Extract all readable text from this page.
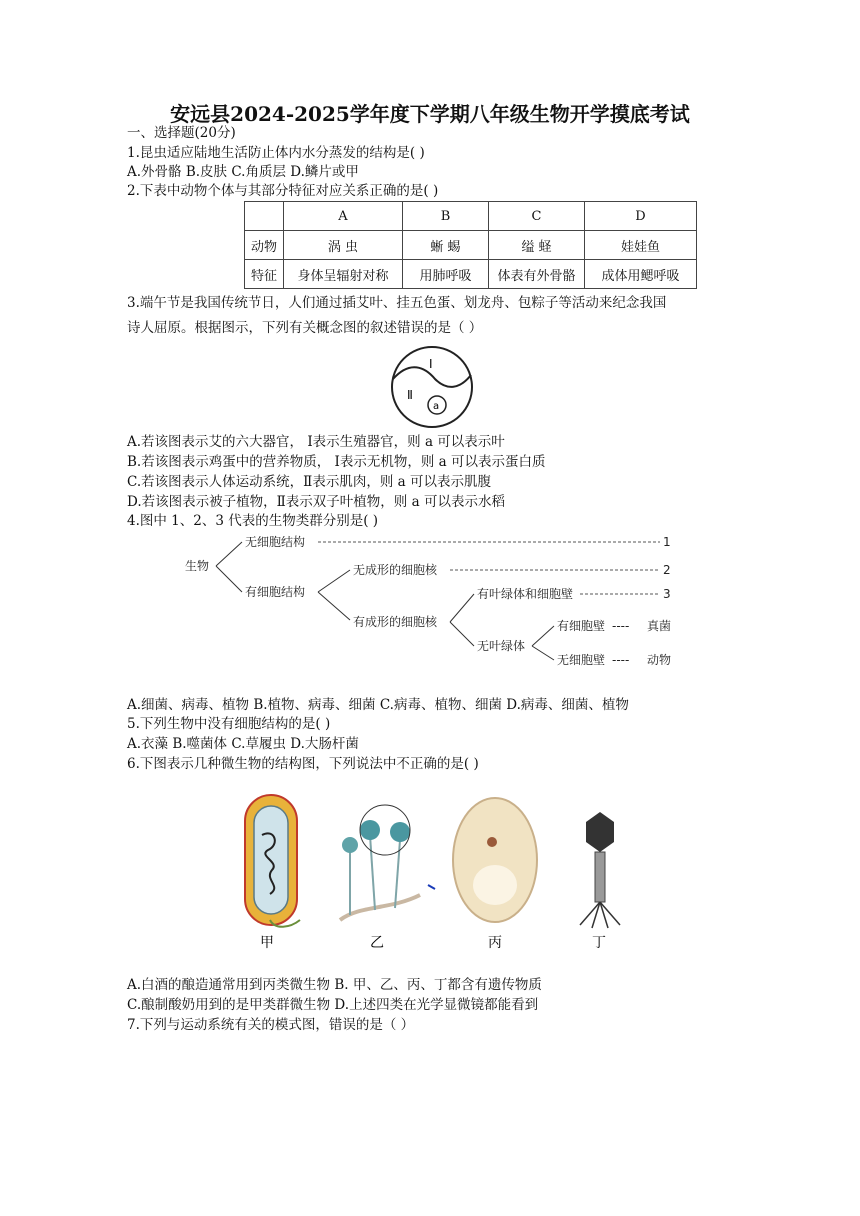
安远县2024-2025学年度下学期八年级生物开学摸底考试
一、选择题(20分)
1.昆虫适应陆地生活防止体内水分蒸发的结构是( )
A.外骨骼 B.皮肤 C.角质层 D.鳞片或甲
2.下表中动物个体与其部分特征对应关系正确的是( )
	A	B	C	D
动物	涡 虫	蜥 蜴	缢 蛏	娃娃鱼
特征	身体呈辐射对称	用肺呼吸	体表有外骨骼	成体用鳃呼吸
3.端午节是我国传统节日，人们通过插艾叶、挂五色蛋、划龙舟、包粽子等活动来纪念我国
诗人屈原。根据图示，下列有关概念图的叙述错误的是（ ）
Ⅰ
Ⅱ
a
A.若该图表示艾的六大器官， Ⅰ表示生殖器官，则 a 可以表示叶
B.若该图表示鸡蛋中的营养物质， Ⅰ表示无机物，则 a 可以表示蛋白质
C.若该图表示人体运动系统，Ⅱ表示肌肉，则 a 可以表示肌腹
D.若该图表示被子植物，Ⅱ表示双子叶植物，则 a 可以表示水稻
4.图中 1、2、3 代表的生物类群分别是( )
生物
无细胞结构	1
有细胞结构
无成形的细胞核	2
有成形的细胞核
有叶绿体和细胞壁	3
无叶绿体
有细胞壁 ---- 真菌
无细胞壁 ---- 动物
A.细菌、病毒、植物 B.植物、病毒、细菌 C.病毒、植物、细菌 D.病毒、细菌、植物
5.下列生物中没有细胞结构的是( )
A.衣藻 B.噬菌体 C.草履虫 D.大肠杆菌
6.下图表示几种微生物的结构图，下列说法中不正确的是( )
甲	乙	丙	丁
A.白酒的酿造通常用到丙类微生物 B. 甲、乙、丙、丁都含有遗传物质
C.酿制酸奶用到的是甲类群微生物 D.上述四类在光学显微镜都能看到
7.下列与运动系统有关的模式图，错误的是（ ）
